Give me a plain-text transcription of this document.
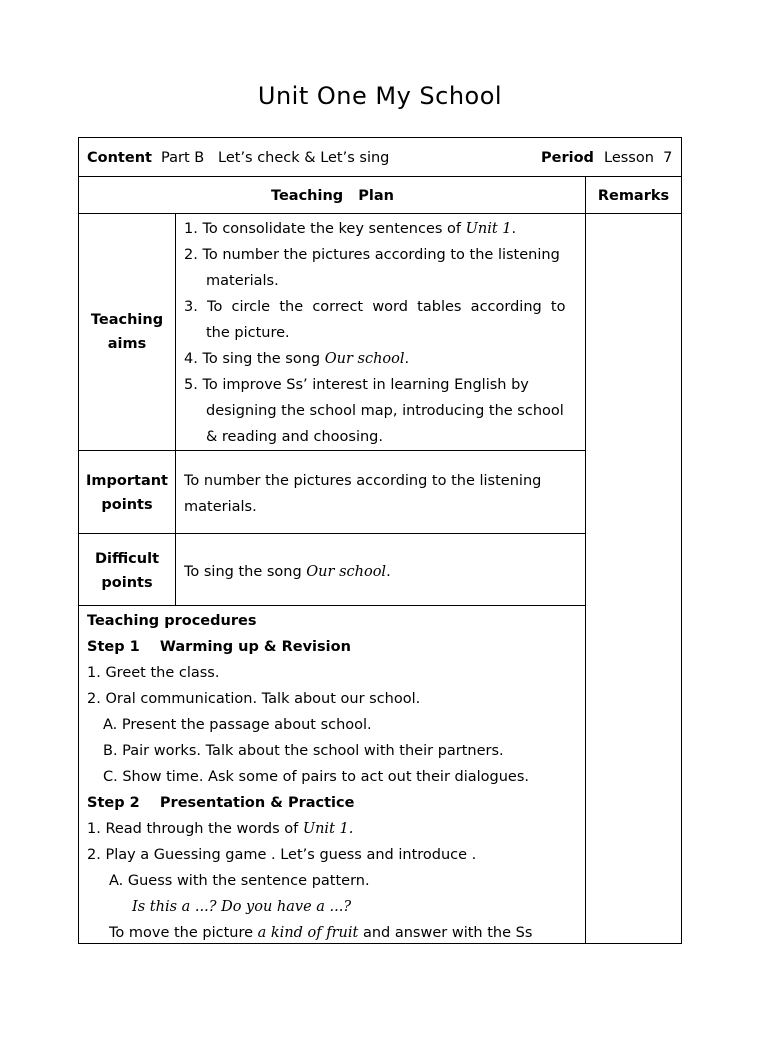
Unit One My School
Content Part B   Let’s check & Let’s sing	Period Lesson  7
Teaching   Plan	Remarks
Teaching
aims
1. To consolidate the key sentences of Unit 1.
2. To number the pictures according to the listening
materials.
3.  To  circle  the  correct  word  tables  according  to
the picture.
4. To sing the song Our school.
5. To improve Ss’ interest in learning English by
designing the school map, introducing the school
& reading and choosing.
Important
points
To number the pictures according to the listening
materials.
Difficult
points
To sing the song Our school.
Teaching procedures
Step 1    Warming up & Revision
1. Greet the class.
2. Oral communication. Talk about our school.
A. Present the passage about school.
B. Pair works. Talk about the school with their partners.
C. Show time. Ask some of pairs to act out their dialogues.
Step 2    Presentation & Practice
1. Read through the words of Unit 1.
2. Play a Guessing game . Let’s guess and introduce .
A. Guess with the sentence pattern.
Is this a ...? Do you have a ...?
To move the picture a kind of fruit and answer with the Ss
